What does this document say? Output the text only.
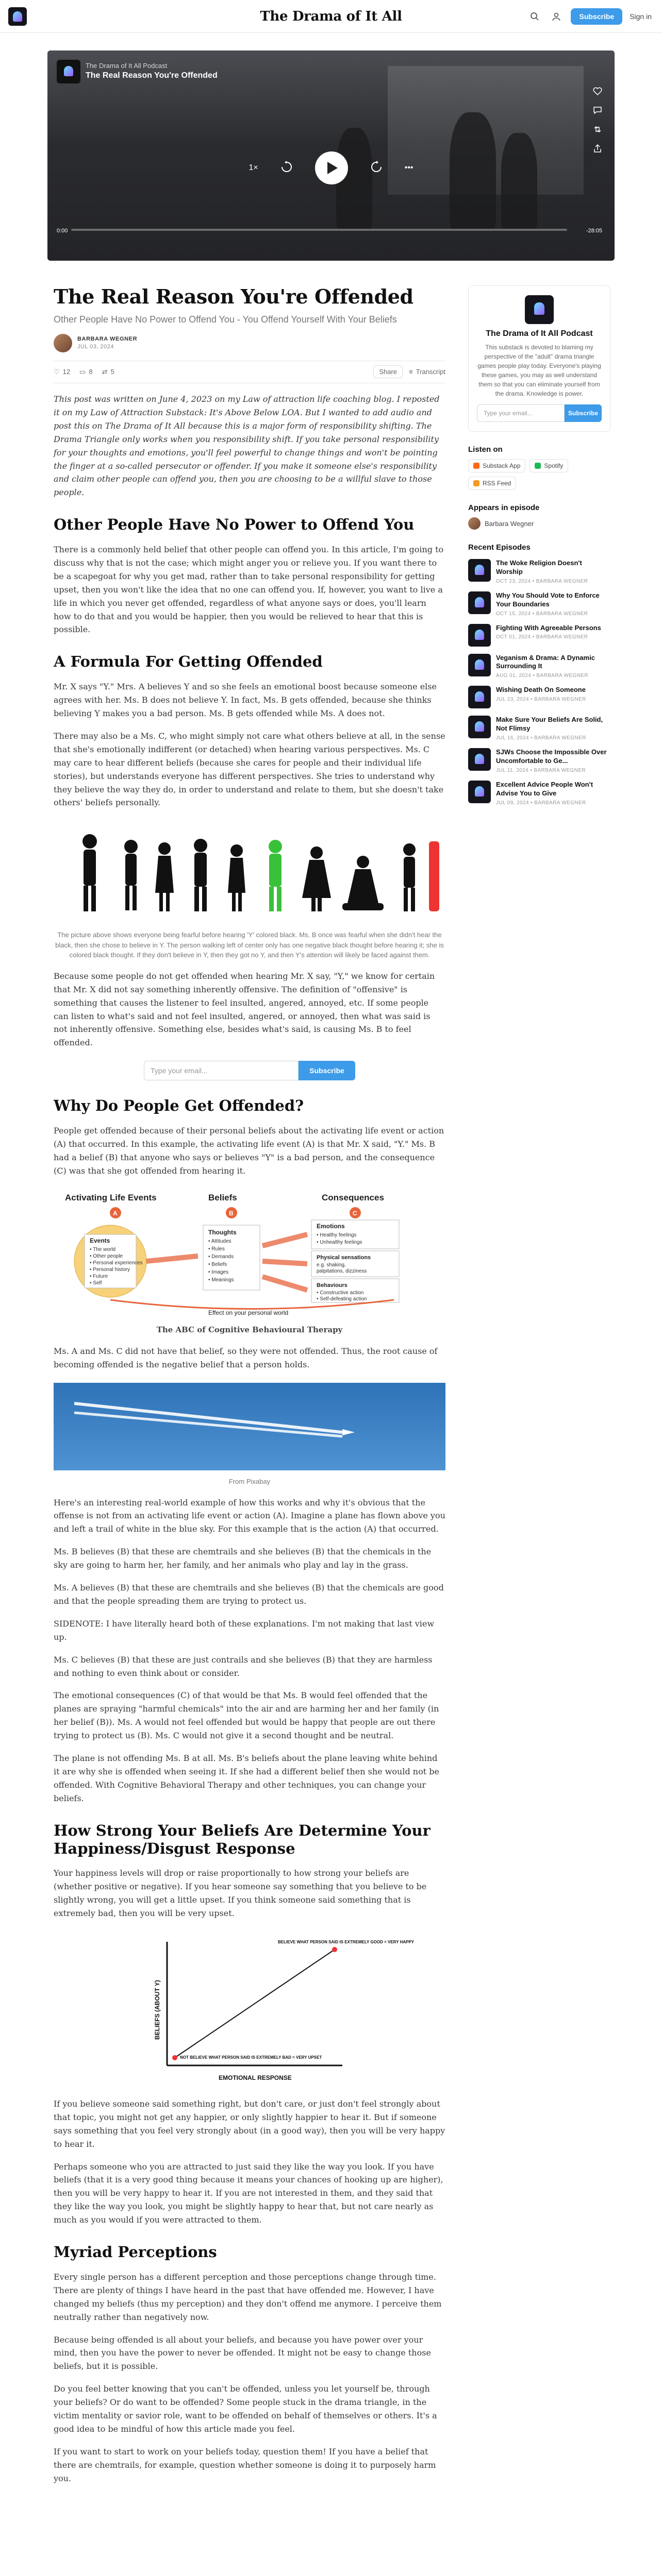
The Drama of It All	Subscribe	Sign in
The Drama of It All Podcast
The Real Reason You're Offended
1×	•••
0:00	-28:05
The Real Reason You're Offended
Other People Have No Power to Offend You - You Offend Yourself With Your Beliefs
BARBARA WEGNER
JUL 03, 2024
♡ 12 ▭ 8 ⇄ 5	Share	≡ Transcript

This post was written on June 4, 2023 on my Law of attraction life coaching blog. I reposted it on my Law of Attraction Substack: It's Above Below LOA. But I wanted to add audio and post this on The Drama of It All because this is a major form of responsibility shifting. The Drama Triangle only works when you responsibility shift. If you take personal responsibility for your thoughts and emotions, you'll feel powerful to change things and won't be pointing the finger at a so-called persecutor or offender. If you make it someone else's responsibility and claim other people can offend you, then you are choosing to be a willful slave to those people.

Other People Have No Power to Offend You

There is a commonly held belief that other people can offend you. In this article, I'm going to discuss why that is not the case; which might anger you or relieve you. If you want there to be a scapegoat for why you get mad, rather than to take personal responsibility for getting upset, then you won't like the idea that no one can offend you. If, however, you want to live a life in which you never get offended, regardless of what anyone says or does, you'll learn how to do that and you would be happier, then you would be relieved to hear that this is possible.

A Formula For Getting Offended

Mr. X says "Y." Mrs. A believes Y and so she feels an emotional boost because someone else agrees with her. Ms. B does not believe Y. In fact, Ms. B gets offended, because she thinks believing Y makes you a bad person. Ms. B gets offended while Ms. A does not.

There may also be a Ms. C, who might simply not care what others believe at all, in the sense that she's emotionally indifferent (or detached) when hearing various perspectives. Ms. C may care to hear different beliefs (because she cares for people and their individual life stories), but understands everyone has different perspectives. She tries to understand why they believe the way they do, in order to understand and relate to them, but she doesn't take others' beliefs personally.

The picture above shows everyone being fearful before hearing 'Y' colored black. Ms. B once was fearful when she didn't hear the black, then she chose to believe in Y. The person walking left of center only has one negative black thought before hearing it; she is colored black thought. If they don't believe in Y, then they got no Y, and then Y's attention will likely be faced against them.

Because some people do not get offended when hearing Mr. X say, "Y," we know for certain that Mr. X did not say something inherently offensive. The definition of "offensive" is something that causes the listener to feel insulted, angered, annoyed, etc. If some people can listen to what's said and not feel insulted, angered, or annoyed, then what was said is not inherently offensive. Something else, besides what's said, is causing Ms. B to feel offended.

Type your email...	Subscribe
Why Do People Get Offended?

People get offended because of their personal beliefs about the activating life event or action (A) that occurred. In this example, the activating life event (A) is that Mr. X said, "Y." Ms. B had a belief (B) that anyone who says or believes "Y" is a bad person, and the consequence (C) was that she got offended from hearing it.

Activating Life Events	Beliefs	Consequences
A	B	C
Events
• The world
• Other people
• Personal experiences
• Personal history
• Future
• Self
Thoughts
• Attitudes
• Rules
• Demands
• Beliefs
• Images
• Meanings
Emotions
• Healthy feelings
• Unhealthy feelings
Physical sensations
e.g. shaking,
palpitations, dizziness
Behaviours
• Constructive action
• Self-defeating action
Effect on your personal world
The ABC of Cognitive Behavioural Therapy

Ms. A and Ms. C did not have that belief, so they were not offended. Thus, the root cause of becoming offended is the negative belief that a person holds.

From Pixabay

Here's an interesting real-world example of how this works and why it's obvious that the offense is not from an activating life event or action (A). Imagine a plane has flown above you and left a trail of white in the blue sky. For this example that is the action (A) that occurred.

Ms. B believes (B) that these are chemtrails and she believes (B) that the chemicals in the sky are going to harm her, her family, and her animals who play and lay in the grass.

Ms. A believes (B) that these are chemtrails and she believes (B) that the chemicals are good and that the people spreading them are trying to protect us.

SIDENOTE: I have literally heard both of these explanations. I'm not making that last view up.

Ms. C believes (B) that these are just contrails and she believes (B) that they are harmless and nothing to even think about or consider.

The emotional consequences (C) of that would be that Ms. B would feel offended that the planes are spraying "harmful chemicals" into the air and are harming her and her family (in her belief (B)). Ms. A would not feel offended but would be happy that people are out there trying to protect us (B). Ms. C would not give it a second thought and be neutral.

The plane is not offending Ms. B at all. Ms. B's beliefs about the plane leaving white behind it are why she is offended when seeing it. If she had a different belief then she would not be offended. With Cognitive Behavioral Therapy and other techniques, you can change your beliefs.

How Strong Your Beliefs Are Determine Your Happiness/Disgust Response

Your happiness levels will drop or raise proportionally to how strong your beliefs are (whether positive or negative). If you hear someone say something that you believe to be slightly wrong, you will get a little upset. If you think someone said something that is extremely bad, then you will be very upset.

BELIEVE WHAT PERSON SAID IS EXTREMELY GOOD = VERY HAPPY
NOT BELIEVE WHAT PERSON SAID IS EXTREMELY BAD = VERY UPSET
BELIEFS (ABOUT Y)
EMOTIONAL RESPONSE

If you believe someone said something right, but don't care, or just don't feel strongly about that topic, you might not get any happier, or only slightly happier to hear it. But if someone says something that you feel very strongly about (in a good way), then you will be very happy to hear it.

Perhaps someone who you are attracted to just said they like the way you look. If you have beliefs (that it is a very good thing because it means your chances of hooking up are higher), then you will be very happy to hear it. If you are not interested in them, and they said that they like the way you look, you might be slightly happy to hear that, but not care nearly as much as you would if you were attracted to them.

Myriad Perceptions

Every single person has a different perception and those perceptions change through time. There are plenty of things I have heard in the past that have offended me. However, I have changed my beliefs (thus my perception) and they don't offend me anymore. I perceive them neutrally rather than negatively now.

Because being offended is all about your beliefs, and because you have power over your mind, then you have the power to never be offended. It might not be easy to change those beliefs, but it is possible.

Do you feel better knowing that you can't be offended, unless you let yourself be, through your beliefs? Or do want to be offended? Some people stuck in the drama triangle, in the victim mentality or savior role, want to be offended on behalf of themselves or others. It's a good idea to be mindful of how this article made you feel.

If you want to start to work on your beliefs today, question them! If you have a belief that there are chemtrails, for example, question whether someone is doing it to purposely harm you.

The Drama of It All Podcast
This substack is devoted to blaming my perspective of the "adult" drama triangle games people play today. Everyone's playing these games, you may as well understand them so that you can eliminate yourself from the drama. Knowledge is power.
Type your email...	Subscribe
Listen on
Substack App	Spotify
RSS Feed
Appears in episode
Barbara Wegner
Recent Episodes
The Woke Religion Doesn't Worship
OCT 23, 2024 • BARBARA WEGNER
Why You Should Vote to Enforce Your Boundaries
OCT 15, 2024 • BARBARA WEGNER
Fighting With Agreeable Persons
OCT 01, 2024 • BARBARA WEGNER
Veganism & Drama: A Dynamic Surrounding It
AUG 01, 2024 • BARBARA WEGNER
Wishing Death On Someone
JUL 23, 2024 • BARBARA WEGNER
Make Sure Your Beliefs Are Solid, Not Flimsy
JUL 16, 2024 • BARBARA WEGNER
SJWs Choose the Impossible Over Uncomfortable to Ge...
JUL 11, 2024 • BARBARA WEGNER
Excellent Advice People Won't Advise You to Give
JUL 09, 2024 • BARBARA WEGNER
